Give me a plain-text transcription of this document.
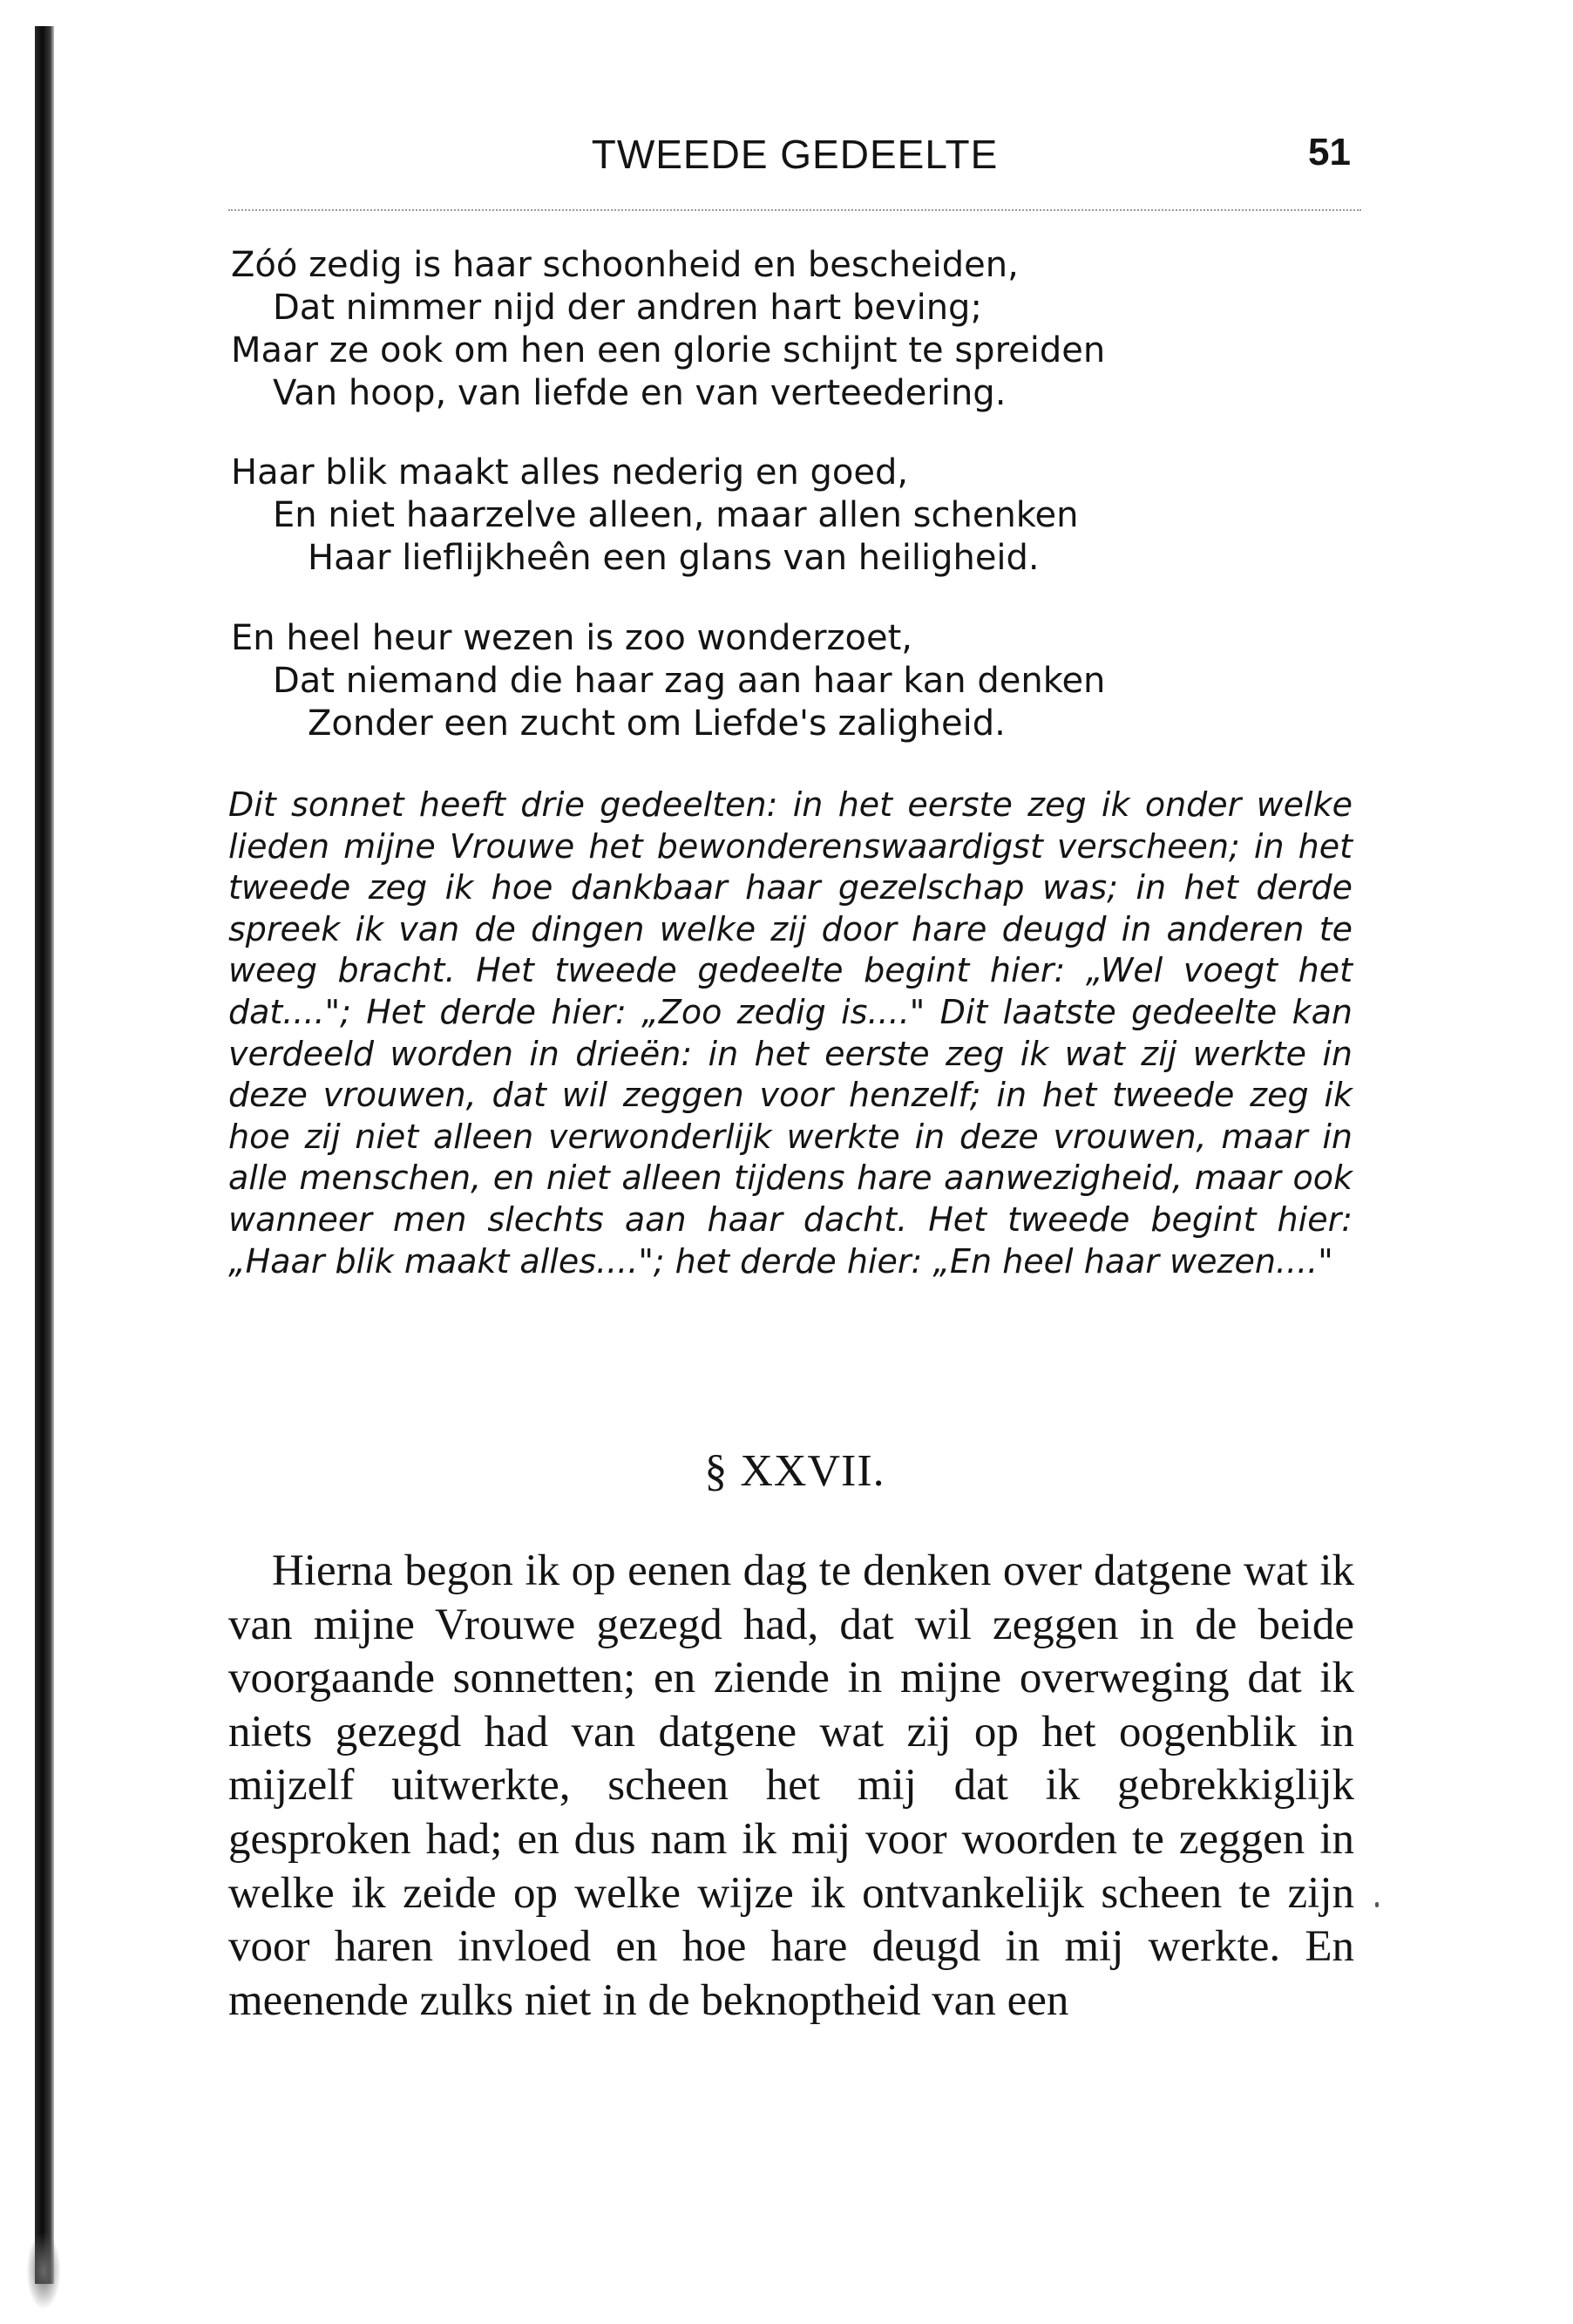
TWEEDE GEDEELTE	51
Zóó zedig is haar schoonheid en bescheiden,
Dat nimmer nijd der andren hart beving;
Maar ze ook om hen een glorie schijnt te spreiden
Van hoop, van liefde en van verteedering.
Haar blik maakt alles nederig en goed,
En niet haarzelve alleen, maar allen schenken
Haar lieflijkheên een glans van heiligheid.
En heel heur wezen is zoo wonderzoet,
Dat niemand die haar zag aan haar kan denken
Zonder een zucht om Liefde's zaligheid.
Dit sonnet heeft drie gedeelten: in het eerste zeg ik onder welke lieden mijne Vrouwe het bewonderenswaardigst verscheen; in het tweede zeg ik hoe dankbaar haar gezelschap was; in het derde spreek ik van de dingen welke zij door hare deugd in anderen te weeg bracht. Het tweede gedeelte begint hier: „Wel voegt het dat...."; Het derde hier: „Zoo zedig is...." Dit laatste gedeelte kan verdeeld worden in drieën: in het eerste zeg ik wat zij werkte in deze vrouwen, dat wil zeggen voor henzelf; in het tweede zeg ik hoe zij niet alleen verwonderlijk werkte in deze vrouwen, maar in alle menschen, en niet alleen tijdens hare aanwezigheid, maar ook wanneer men slechts aan haar dacht. Het tweede begint hier: „Haar blik maakt alles...."; het derde hier: „En heel haar wezen...."
§ XXVII.

Hierna begon ik op eenen dag te denken over datgene wat ik van mijne Vrouwe gezegd had, dat wil zeggen in de beide voorgaande sonnetten; en ziende in mijne overweging dat ik niets gezegd had van datgene wat zij op het oogenblik in mijzelf uitwerkte, scheen het mij dat ik gebrekkiglijk gesproken had; en dus nam ik mij voor woorden te zeggen in welke ik zeide op welke wijze ik ontvankelijk scheen te zijn voor haren invloed en hoe hare deugd in mij werkte. En meenende zulks niet in de beknoptheid van een
